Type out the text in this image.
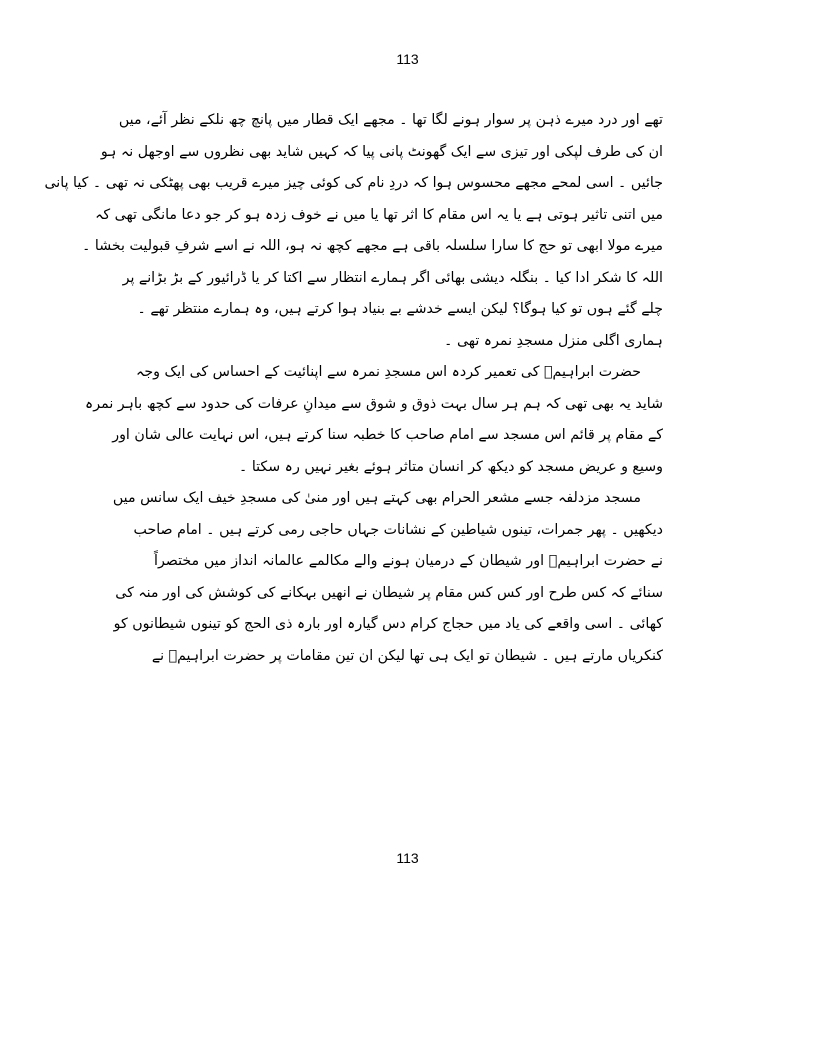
113
تھے اور درد میرے ذہن پر سوار ہونے لگا تھا ۔ مجھے ایک قطار میں پانچ چھ نلکے نظر آئے، میں
ان کی طرف لپکی اور تیزی سے ایک گھونٹ پانی پیا کہ کہیں شاید بھی نظروں سے اوجھل نہ ہو
جائیں ۔ اسی لمحے مجھے محسوس ہوا کہ دردِ نام کی کوئی چیز میرے قریب بھی پھٹکی نہ تھی ۔ کیا پانی
میں اتنی تاثیر ہوتی ہے یا یہ اس مقام کا اثر تھا یا میں نے خوف زدہ ہو کر جو دعا مانگی تھی کہ
میرے مولا ابھی تو حج کا سارا سلسلہ باقی ہے مجھے کچھ نہ ہو، اللہ نے اسے شرفِ قبولیت بخشا ۔
اللہ کا شکر ادا کیا ۔ بنگلہ دیشی بھائی اگر ہمارے انتظار سے اکتا کر یا ڈرائیور کے بڑ بڑانے پر
چلے گئے ہوں تو کیا ہوگا؟ لیکن ایسے خدشے بے بنیاد ہوا کرتے ہیں، وہ ہمارے منتظر تھے ۔
ہماری اگلی منزل مسجدِ نمرہ تھی ۔
حضرت ابراہیمؑ کی تعمیر کردہ اس مسجدِ نمرہ سے اپنائیت کے احساس کی ایک وجہ
شاید یہ بھی تھی کہ ہم ہر سال بہت ذوق و شوق سے میدانِ عرفات کی حدود سے کچھ باہر نمرہ
کے مقام پر قائم اس مسجد سے امام صاحب کا خطبہ سنا کرتے ہیں، اس نہایت عالی شان اور
وسیع و عریض مسجد کو دیکھ کر انسان متاثر ہوئے بغیر نہیں رہ سکتا ۔
مسجد مزدلفہ جسے مشعر الحرام بھی کہتے ہیں اور منیٰ کی مسجدِ خیف ایک سانس میں
دیکھیں ۔ پھر جمرات، تینوں شیاطین کے نشانات جہاں حاجی رمی کرتے ہیں ۔ امام صاحب
نے حضرت ابراہیمؑ اور شیطان کے درمیان ہونے والے مکالمے عالمانہ انداز میں مختصراً
سنائے کہ کس طرح اور کس کس مقام پر شیطان نے انھیں بہکانے کی کوشش کی اور منہ کی
کھائی ۔ اسی واقعے کی یاد میں حجاج کرام دس گیارہ اور بارہ ذی الحج کو تینوں شیطانوں کو
کنکریاں مارتے ہیں ۔ شیطان تو ایک ہی تھا لیکن ان تین مقامات پر حضرت ابراہیمؑ نے
113
